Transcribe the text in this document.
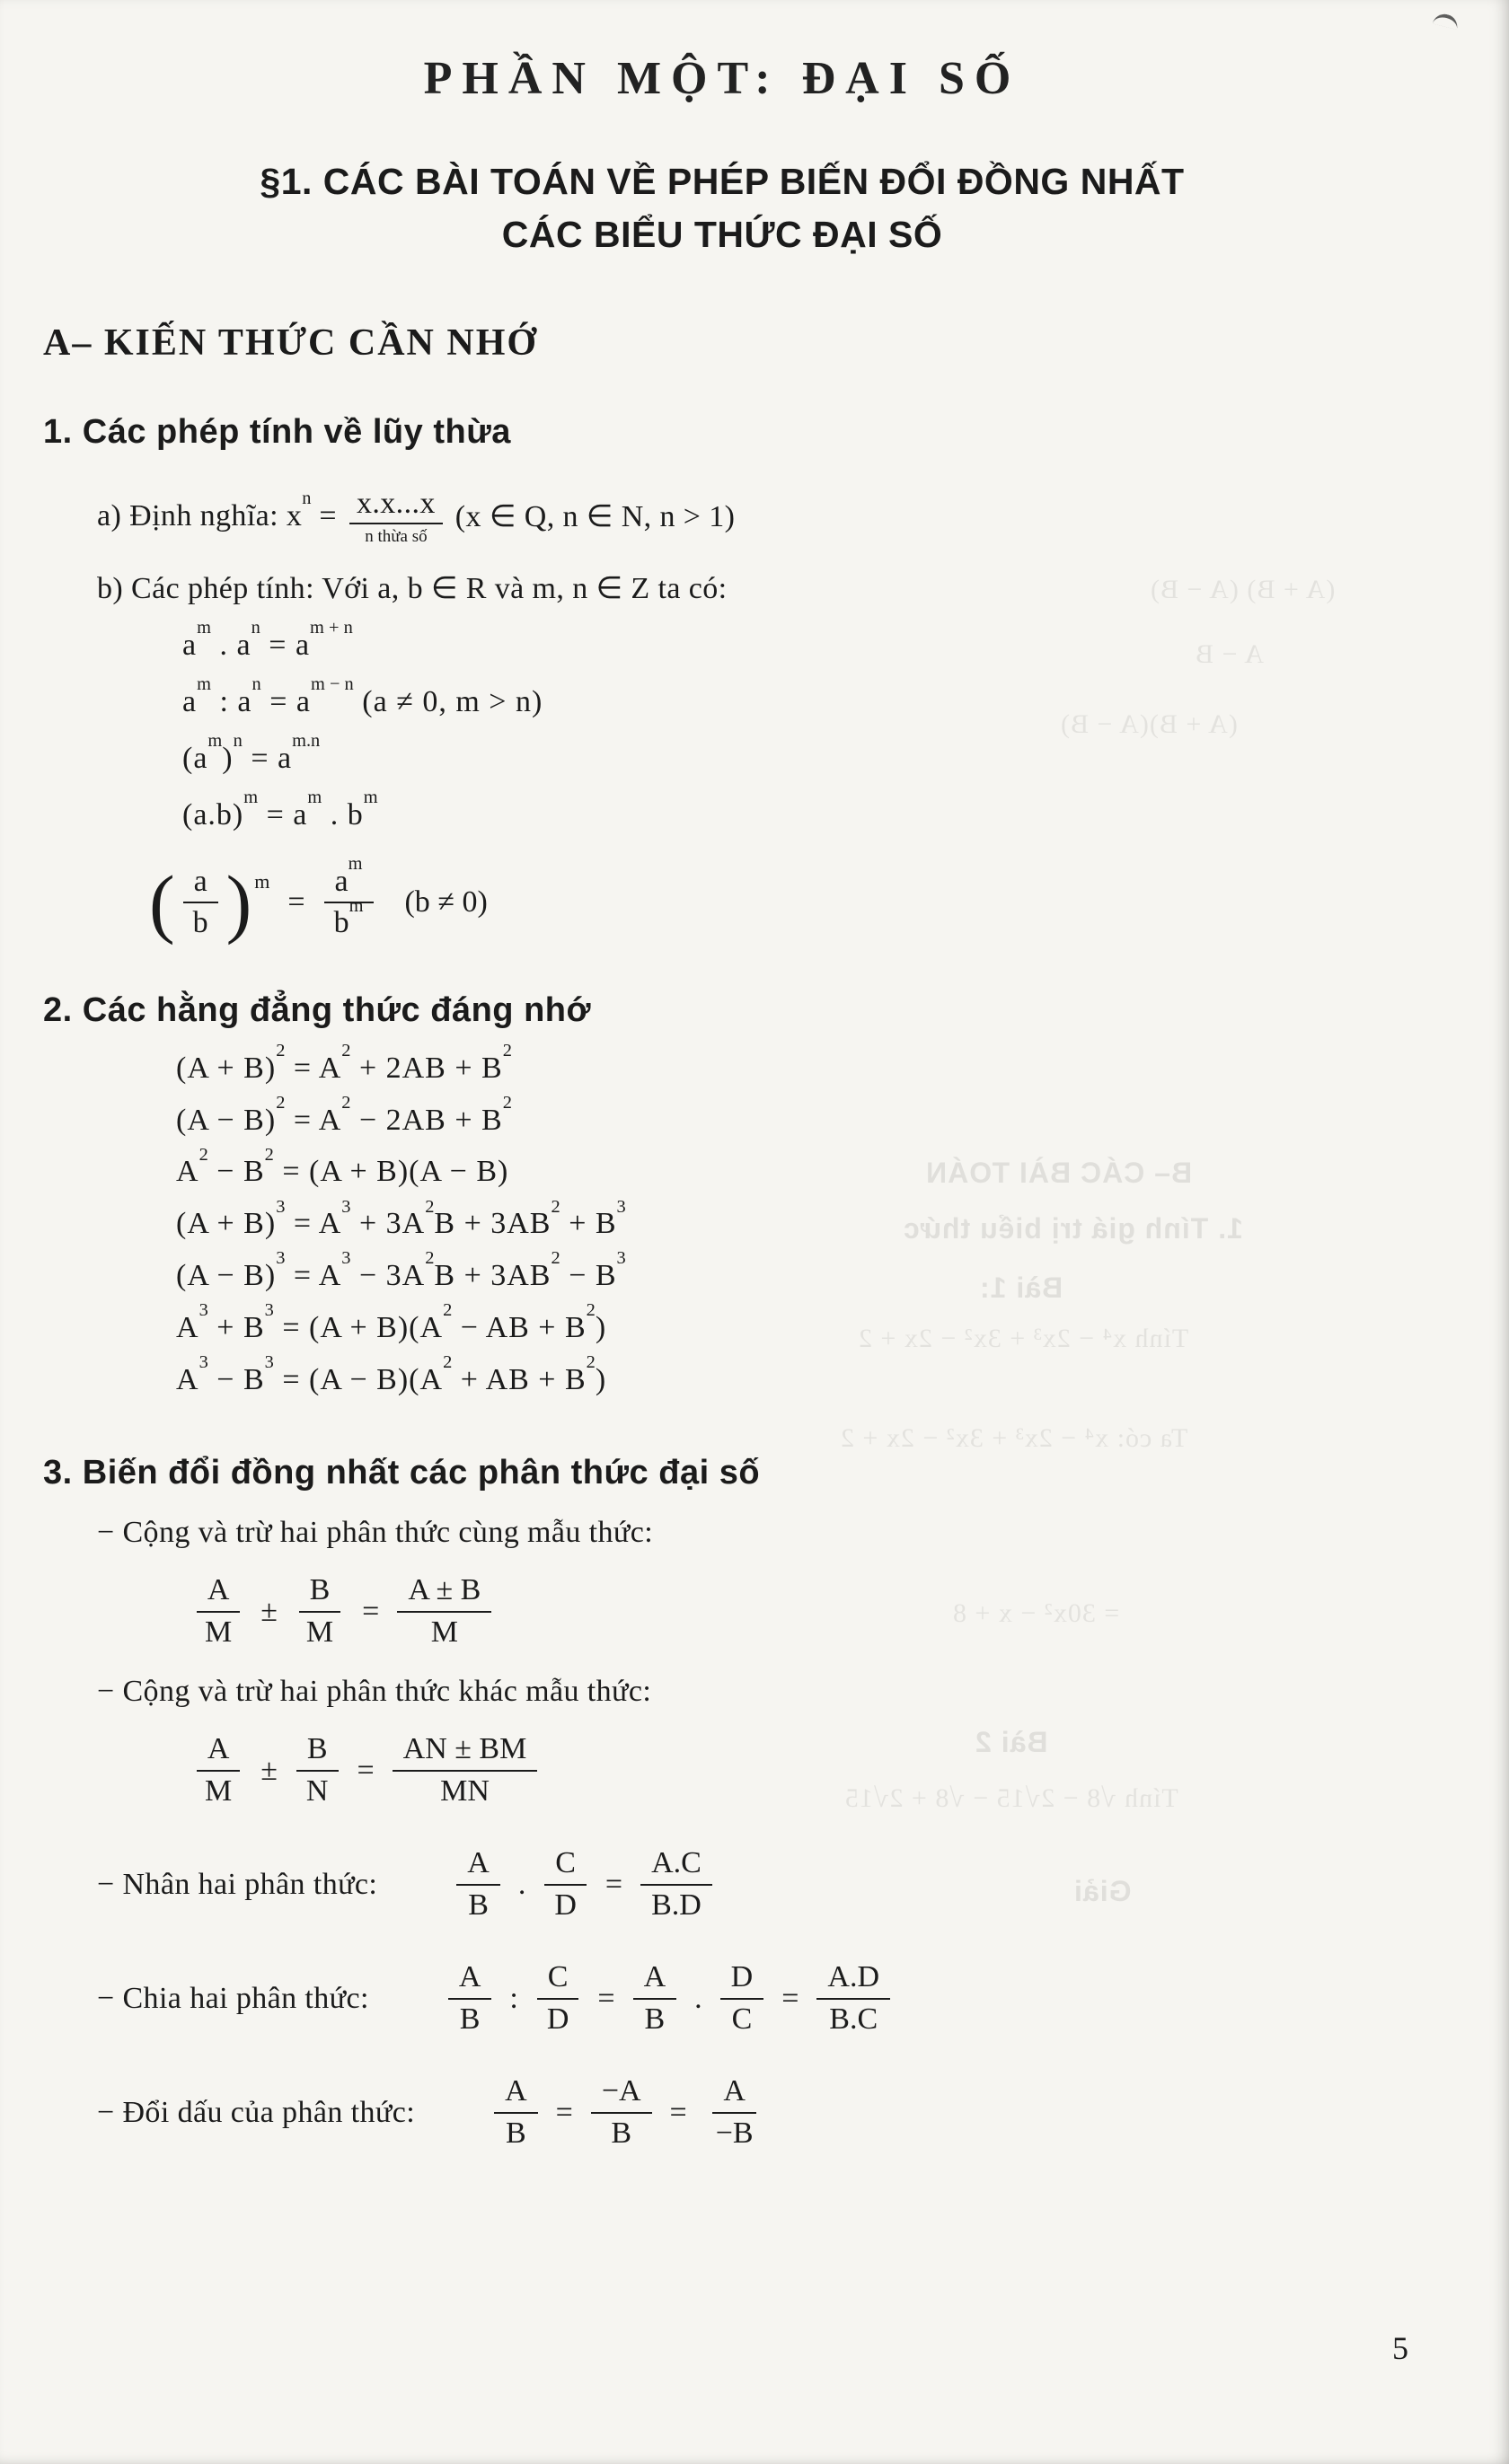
(A + B) (A − B)
A − B
(A + B)(A − B)
B– CÁC BÀI TOÁN
1. Tính giá trị biểu thức
Bài 1:
Tính x⁴ − 2x³ + 3x² − 2x + 2
Ta có: x⁴ − 2x³ + 3x² − 2x + 2
= 30x² − x + 8
Bài 2
Tính √8 − 2√15 − √8 + 2√15
Giải
PHẦN MỘT: ĐẠI SỐ
§1. CÁC BÀI TOÁN VỀ PHÉP BIẾN ĐỔI ĐỒNG NHẤT
CÁC BIỂU THỨC ĐẠI SỐ
A– KIẾN THỨC CẦN NHỚ
1. Các phép tính về lũy thừa
a) Định nghĩa: $x^n = x.x...x$
n thừa số
(x ∈ Q, n ∈ N, n > 1)

b) Các phép tính: Với a, b ∈ R và m, n ∈ Z ta có:

$a^m$ . $a^n = a^{m + n}$

$a^m$ : $a^n = a^{m - n}$ (a ≠ 0, m > n)

$(a^m)^n = a^{m.n}$

$(a.b)^m = a^m$ . $b^m$

( $\frac{a}{b}$ ) m
= $\frac{a^m}{b^m} (b \ne 0)$
2. Các hằng đẳng thức đáng nhớ

$(A + B)^2 = A^2 + 2AB + B^2$

$(A - B)^2 = A^2 - 2AB + B^2$

$A^2 - B^2 = (A + B)(A - B)$

$(A + B)^3 = A^3 + 3A^2B + 3AB^2 + B^3$

$(A - B)^3 = A^3 - 3A^2B + 3AB^2 - B^3$

$A^3 + B^3 = (A + B)(A^2$ − AB + $B^2$)

$A^3 - B^3 = (A - B)(A^2$ + AB + $B^2$)

3. Biến đổi đồng nhất các phân thức đại số

− Cộng và trừ hai phân thức cùng mẫu thức:

$\frac{A}{M} \pm \frac{B}{M} = \frac{A \pm B}{M}$

− Cộng và trừ hai phân thức khác mẫu thức:

$\frac{A}{M} \pm \frac{B}{N} = \frac{AN \pm BM}{MN}$
− Nhân hai phân thức:	$\frac{A}{B}$ . $\frac{C}{D} = \frac{A.C}{B.D}$
− Chia hai phân thức:	$\frac{A}{B}$ : $\frac{C}{D} = \frac{A}{B}$ . $\frac{D}{C} = \frac{A.D}{B.C}$
− Đổi dấu của phân thức:	$\frac{A}{B} = \frac{-A}{B} = \frac{A}{-B}$
5
